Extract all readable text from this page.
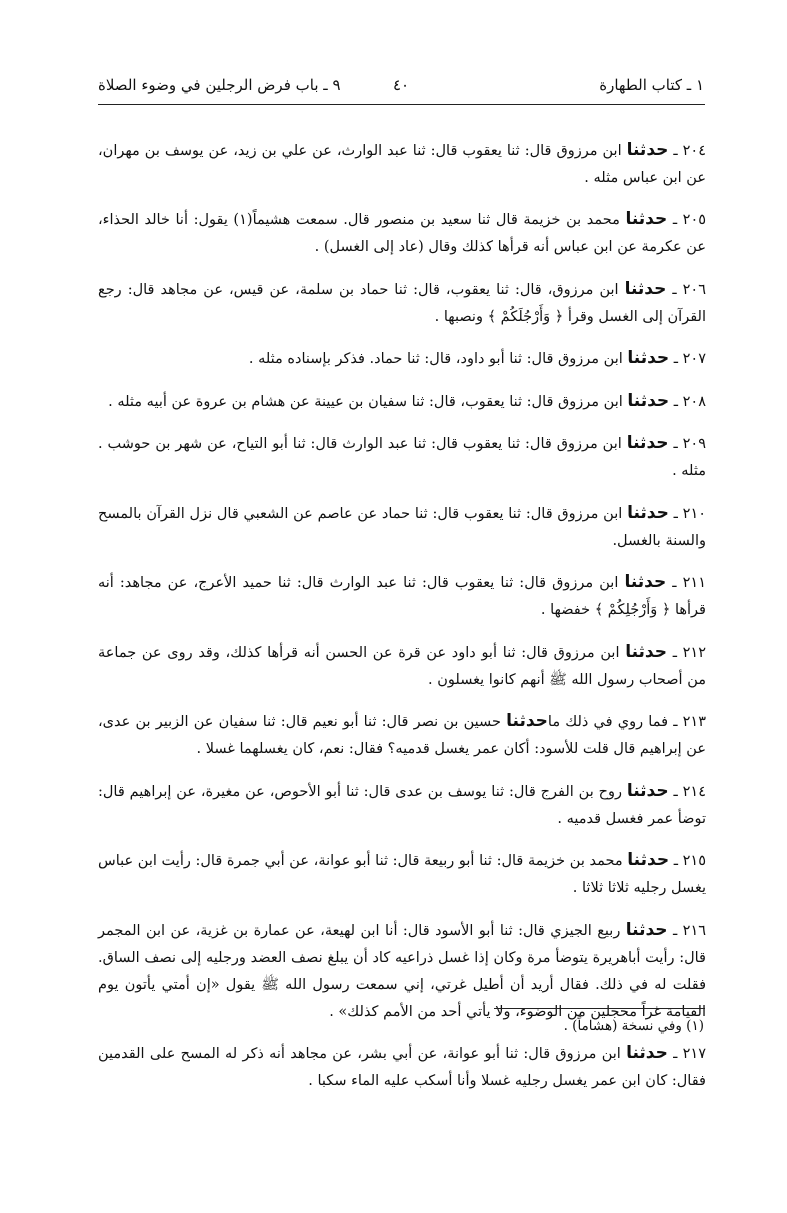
١ ـ كتاب الطهارة
٤٠
٩ ـ باب فرض الرجلين في وضوء الصلاة

٢٠٤ ـ حدثنا ابن مرزوق قال: ثنا يعقوب قال: ثنا عبد الوارث، عن علي بن زيد، عن يوسف بن مهران، عن ابن عباس مثله .

٢٠٥ ـ حدثنا محمد بن خزيمة قال ثنا سعيد بن منصور قال. سمعت هشيماً(١) يقول: أنا خالد الحذاء، عن عكرمة عن ابن عباس أنه قرأها كذلك وقال (عاد إلى الغسل) .

٢٠٦ ـ حدثنا ابن مرزوق، قال: ثنا يعقوب، قال: ثنا حماد بن سلمة، عن قيس، عن مجاهد قال: رجع القرآن إلى الغسل وقرأ ﴿ وَأَرْجُلَكُمْ ﴾ ونصبها .

٢٠٧ ـ حدثنا ابن مرزوق قال: ثنا أبو داود، قال: ثنا حماد. فذكر بإسناده مثله .

٢٠٨ ـ حدثنا ابن مرزوق قال: ثنا يعقوب، قال: ثنا سفيان بن عيينة عن هشام بن عروة عن أبيه مثله .

٢٠٩ ـ حدثنا ابن مرزوق قال: ثنا يعقوب قال: ثنا عبد الوارث قال: ثنا أبو التياح، عن شهر بن حوشب . مثله .

٢١٠ ـ حدثنا ابن مرزوق قال: ثنا يعقوب قال: ثنا حماد عن عاصم عن الشعبي قال نزل القرآن بالمسح والسنة بالغسل.

٢١١ ـ حدثنا ابن مرزوق قال: ثنا يعقوب قال: ثنا عبد الوارث قال: ثنا حميد الأعرج، عن مجاهد: أنه قرأها ﴿ وَأَرْجُلِكُمْ ﴾ خفضها .

٢١٢ ـ حدثنا ابن مرزوق قال: ثنا أبو داود عن قرة عن الحسن أنه قرأها كذلك، وقد روى عن جماعة من أصحاب رسول الله ﷺ أنهم كانوا يغسلون .

٢١٣ ـ فما روي في ذلك ماحدثنا حسين بن نصر قال: ثنا أبو نعيم قال: ثنا سفيان عن الزبير بن عدى، عن إبراهيم قال قلت للأسود: أكان عمر يغسل قدميه؟ فقال: نعم، كان يغسلهما غسلا .

٢١٤ ـ حدثنا روح بن الفرج قال: ثنا يوسف بن عدى قال: ثنا أبو الأحوص، عن مغيرة، عن إبراهيم قال: توضأ عمر فغسل قدميه .

٢١٥ ـ حدثنا محمد بن خزيمة قال: ثنا أبو ربيعة قال: ثنا أبو عوانة، عن أبي جمرة قال: رأيت ابن عباس يغسل رجليه ثلاثا ثلاثا .

٢١٦ ـ حدثنا ربيع الجيزي قال: ثنا أبو الأسود قال: أنا ابن لهيعة، عن عمارة بن غزية، عن ابن المجمر قال: رأيت أباهريرة يتوضأ مرة وكان إذا غسل ذراعيه كاد أن يبلغ نصف العضد ورجليه إلى نصف الساق. فقلت له في ذلك. فقال أريد أن أطيل غرتي، إني سمعت رسول الله ﷺ يقول «إن أمتي يأتون يوم القيامة غراً محجلين من الوضوء، ولا يأتي أحد من الأمم كذلك» .

٢١٧ ـ حدثنا ابن مرزوق قال: ثنا أبو عوانة، عن أبي بشر، عن مجاهد أنه ذكر له المسح على القدمين فقال: كان ابن عمر يغسل رجليه غسلا وأنا أسكب عليه الماء سكبا .

(١) وفي نسخة (هشاماً) .
